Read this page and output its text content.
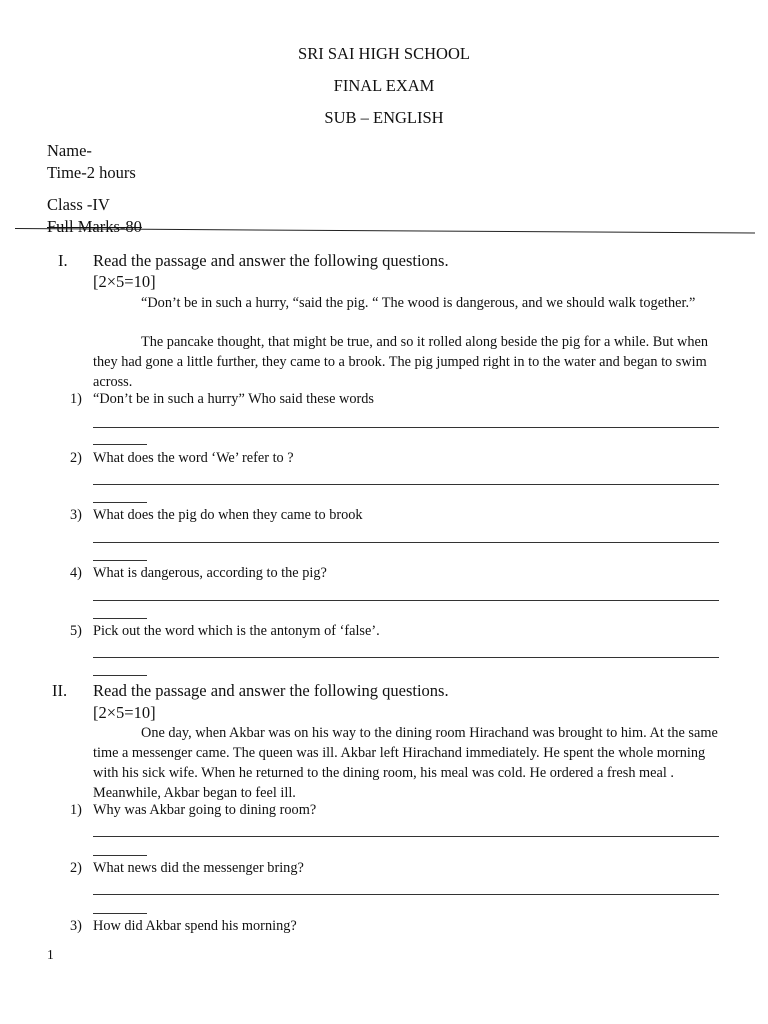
SRI SAI HIGH SCHOOL
FINAL EXAM
SUB – ENGLISH
Name-
Time-2 hours
Class -IV
Full Marks-80
I. Read the passage and answer the following questions.
[2×5=10]
“Don’t be in such a hurry, “said the pig. “ The wood is dangerous, and we should walk together.”
The pancake thought, that might be true, and so it rolled along beside the pig for a while. But when they had gone a little further, they came to a brook. The pig jumped right in to the water and began to swim across.
1) “Don’t be in such a hurry” Who said these words
2) What does the word ‘We’ refer to ?
3) What does the pig do when they came to brook
4) What is dangerous, according to the pig?
5) Pick out the word which is the antonym of ‘false’.
II. Read the passage and answer the following questions.
[2×5=10]
One day, when Akbar was on his way to the dining room Hirachand was brought to him. At the same time a messenger came. The queen was ill. Akbar left Hirachand immediately. He spent the whole morning with his sick wife. When he returned to the dining room, his meal was cold. He ordered a fresh meal . Meanwhile, Akbar began to feel ill.
1) Why was Akbar going to dining room?
2) What news did the messenger bring?
3) How did Akbar spend his morning?
1
